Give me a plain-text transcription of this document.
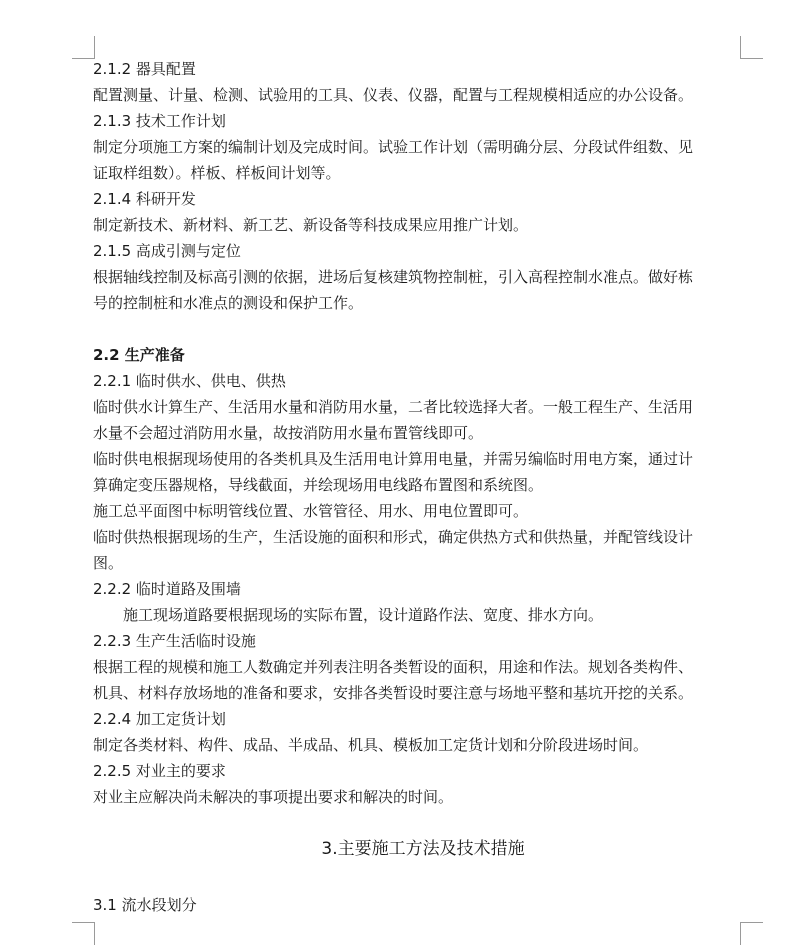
2.1.2 器具配置
配置测量、计量、检测、试验用的工具、仪表、仪器，配置与工程规模相适应的办公设备。
2.1.3 技术工作计划
制定分项施工方案的编制计划及完成时间。试验工作计划（需明确分层、分段试件组数、见
证取样组数）。样板、样板间计划等。
2.1.4 科研开发
制定新技术、新材料、新工艺、新设备等科技成果应用推广计划。
2.1.5 高成引测与定位
根据轴线控制及标高引测的依据，进场后复核建筑物控制桩，引入高程控制水准点。做好栋
号的控制桩和水准点的测设和保护工作。
2.2 生产准备
2.2.1 临时供水、供电、供热
临时供水计算生产、生活用水量和消防用水量，二者比较选择大者。一般工程生产、生活用
水量不会超过消防用水量，故按消防用水量布置管线即可。
临时供电根据现场使用的各类机具及生活用电计算用电量，并需另编临时用电方案，通过计
算确定变压器规格，导线截面，并绘现场用电线路布置图和系统图。
施工总平面图中标明管线位置、水管管径、用水、用电位置即可。
临时供热根据现场的生产，生活设施的面积和形式，确定供热方式和供热量，并配管线设计
图。
2.2.2 临时道路及围墙
施工现场道路要根据现场的实际布置，设计道路作法、宽度、排水方向。
2.2.3 生产生活临时设施
根据工程的规模和施工人数确定并列表注明各类暂设的面积，用途和作法。规划各类构件、
机具、材料存放场地的准备和要求，安排各类暂设时要注意与场地平整和基坑开挖的关系。
2.2.4 加工定货计划
制定各类材料、构件、成品、半成品、机具、模板加工定货计划和分阶段进场时间。
2.2.5 对业主的要求
对业主应解决尚未解决的事项提出要求和解决的时间。
3.主要施工方法及技术措施
3.1 流水段划分
